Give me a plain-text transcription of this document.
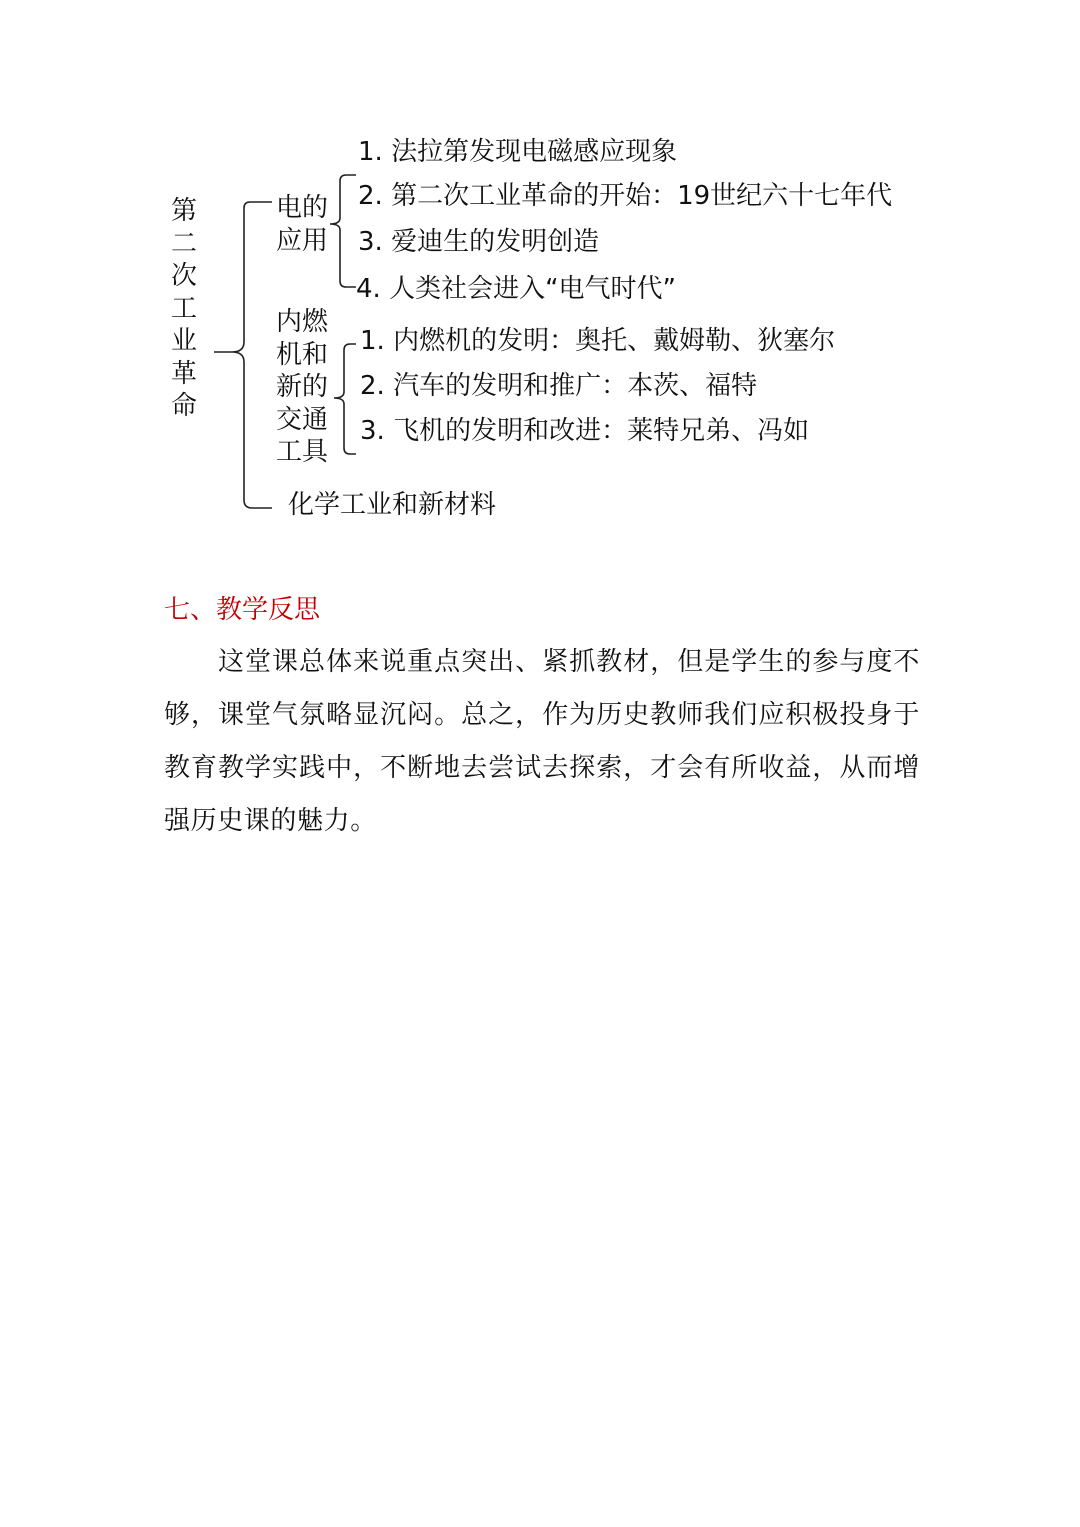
第
二
次
工
业
革
命
电的
应用
1. 法拉第发现电磁感应现象
2. 第二次工业革命的开始：19世纪六十七年代
3. 爱迪生的发明创造
4. 人类社会进入“电气时代”
内燃
机和
新的
交通
工具
1. 内燃机的发明：奥托、戴姆勒、狄塞尔
2. 汽车的发明和推广：本茨、福特
3. 飞机的发明和改进：莱特兄弟、冯如
化学工业和新材料
七、教学反思
这堂课总体来说重点突出、紧抓教材，但是学生的参与度不够，课堂气氛略显沉闷。总之，作为历史教师我们应积极投身于教育教学实践中，不断地去尝试去探索，才会有所收益，从而增强历史课的魅力。
